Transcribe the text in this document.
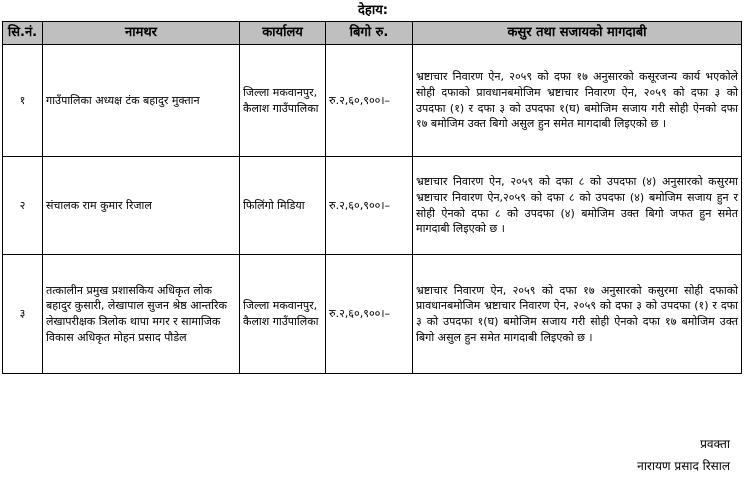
देहाय:
सि.नं.	नामथर	कार्यालय	बिगो रु.	कसुर तथा सजायको मागदाबी
१	गाउँपालिका अध्यक्ष टंक बहादुर मुक्तान	जिल्ला मकवानपुर, कैलाश गाउँपालिका	रु.२,६०,९००।–	भ्रष्टाचार निवारण ऐन, २०५९ को दफा १७ अनुसारको कसूरजन्य कार्य भएकोले सोही दफाको प्रावधानबमोजिम भ्रष्टाचार निवारण ऐन, २०५९ को दफा ३ को उपदफा (१) र दफा ३ को उपदफा १(घ) बमोजिम सजाय गरी सोही ऐनको दफा १७ बमोजिम उक्त बिगो असुल हुन समेत मागदाबी लिइएको छ ।
२	संचालक राम कुमार रिजाल	फिलिंगो मिडिया	रु.२,६०,९००।–	भ्रष्टाचार निवारण ऐन, २०५९ को दफा ८ को उपदफा (४) अनुसारको कसुरमा भ्रष्टाचार निवारण ऐन,२०५९ को दफा ८ को उपदफा (४) बमोजिम सजाय हुन र सोही ऐनको दफा ८ को उपदफा (४) बमोजिम उक्त बिगो जफत हुन समेत मागदाबी लिइएको छ ।
३	तत्कालीन प्रमुख प्रशासकिय अधिकृत लोक बहादुर कुसारी, लेखापाल सुजन श्रेष्ठ आन्तरिक लेखापरीक्षक त्रिलोक थापा मगर र सामाजिक विकास अधिकृत मोहन प्रसाद पौडेल	जिल्ला मकवानपुर, कैलाश गाउँपालिका	रु.२,६०,९००।–	भ्रष्टाचार निवारण ऐन, २०५९ को दफा १७ अनुसारको कसुरमा सोही दफाको प्रावधानबमोजिम भ्रष्टाचार निवारण ऐन, २०५९ को दफा ३ को उपदफा (१) र दफा ३ को उपदफा १(घ) बमोजिम सजाय गरी सोही ऐनको दफा १७ बमोजिम उक्त बिगो असुल हुन समेत मागदाबी लिइएको छ ।
प्रवक्ता
नारायण प्रसाद रिसाल
